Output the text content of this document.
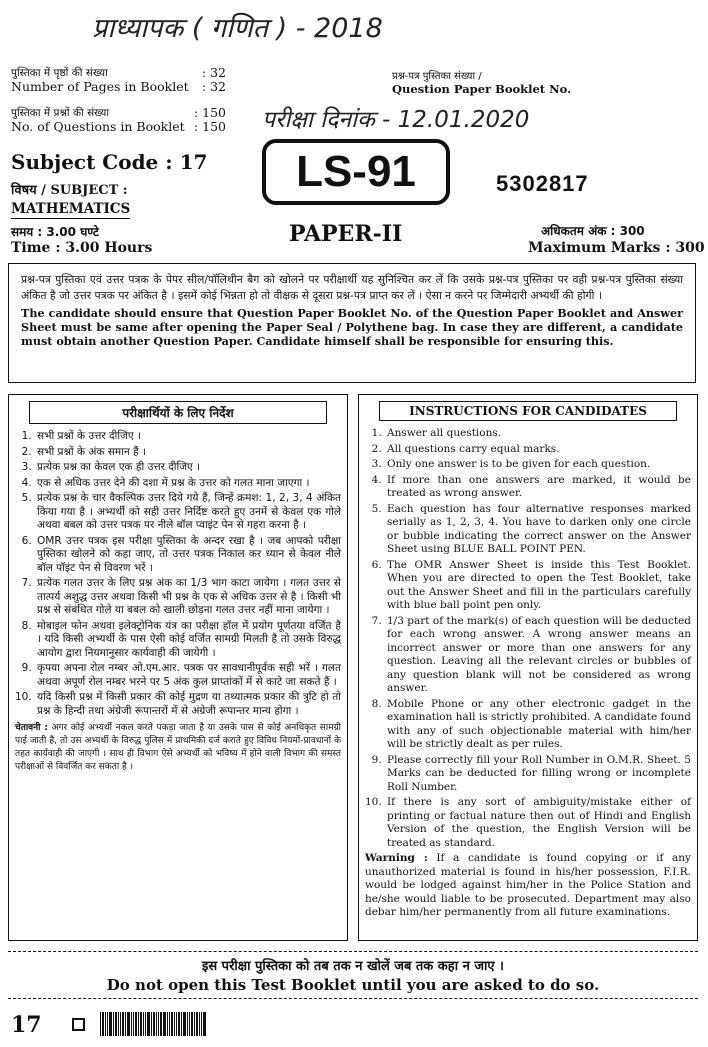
प्राध्यापक ( गणित ) - 2018
पुस्तिका में पृष्ठों की संख्या	: 32
Number of Pages in Booklet : 32
पुस्तिका में प्रश्नों की संख्या	: 150
No. of Questions in Booklet : 150
प्रश्न-पत्र पुस्तिका संख्या /
Question Paper Booklet No.
परीक्षा दिनांक - 12.01.2020
Subject Code : 17
विषय / SUBJECT :
MATHEMATICS
समय : 3.00 घण्टे
Time : 3.00 Hours
LS-91	5302817
PAPER-II	अधिकतम अंक : 300
Maximum Marks : 300
प्रश्न-पत्र पुस्तिका एवं उत्तर पत्रक के पेपर सील/पॉलिथीन बैग को खोलने पर परीक्षार्थी यह सुनिश्चित कर लें कि उसके प्रश्न-पत्र पुस्तिका पर वही प्रश्न-पत्र पुस्तिका संख्या अंकित है जो उत्तर पत्रक पर अंकित है । इसमें कोई भिन्नता हो तो वीक्षक से दूसरा प्रश्न-पत्र प्राप्त कर लें । ऐसा न करने पर जिम्मेदारी अभ्यर्थी की होगी ।
The candidate should ensure that Question Paper Booklet No. of the Question Paper Booklet and Answer Sheet must be same after opening the Paper Seal / Polythene bag. In case they are different, a candidate must obtain another Question Paper. Candidate himself shall be responsible for ensuring this.
परीक्षार्थियों के लिए निर्देश
1. सभी प्रश्नों के उत्तर दीजिए ।
2. सभी प्रश्नों के अंक समान हैं ।
3. प्रत्येक प्रश्न का केवल एक ही उत्तर दीजिए ।
4. एक से अधिक उत्तर देने की दशा में प्रश्न के उत्तर को गलत माना जाएगा ।
5. प्रत्येक प्रश्न के चार वैकल्पिक उत्तर दिये गये हैं, जिन्हें क्रमश: 1, 2, 3, 4 अंकित किया गया है । अभ्यर्थी को सही उत्तर निर्दिष्ट करते हुए उनमें से केवल एक गोले अथवा बबल को उत्तर पत्रक पर नीले बॉल प्वाइंट पेन से गहरा करना है ।
6. OMR उत्तर पत्रक इस परीक्षा पुस्तिका के अन्दर रखा है । जब आपको परीक्षा पुस्तिका खोलने को कहा जाए, तो उत्तर पत्रक निकाल कर ध्यान से केवल नीले बॉल पॉइंट पेन से विवरण भरें ।
7. प्रत्येक गलत उत्तर के लिए प्रश्न अंक का 1/3 भाग काटा जायेगा । गलत उत्तर से तात्पर्य अशुद्ध उत्तर अथवा किसी भी प्रश्न के एक से अधिक उत्तर से है । किसी भी प्रश्न से संबंधित गोले या बबल को खाली छोड़ना गलत उत्तर नहीं माना जायेगा ।
8. मोबाइल फोन अथवा इलेक्ट्रोनिक यंत्र का परीक्षा हॉल में प्रयोग पूर्णतया वर्जित है । यदि किसी अभ्यर्थी के पास ऐसी कोई वर्जित सामग्री मिलती है तो उसके विरुद्ध आयोग द्वारा नियमानुसार कार्यवाही की जायेगी ।
9. कृपया अपना रोल नम्बर ओ.एम.आर. पत्रक पर सावधानीपूर्वक सही भरें । गलत अथवा अपूर्ण रोल नम्बर भरने पर 5 अंक कुल प्राप्तांकों में से काटे जा सकते हैं ।
10. यदि किसी प्रश्न में किसी प्रकार की कोई मुद्रण या तथ्यात्मक प्रकार की त्रुटि हो तो प्रश्न के हिन्दी तथा अंग्रेजी रूपान्तरों में से अंग्रेजी रूपान्तर मान्य होगा ।
चेतावनी : अगर कोई अभ्यर्थी नकल करते पकड़ा जाता है या उसके पास से कोई अनधिकृत सामग्री पाई जाती है, तो उस अभ्यर्थी के विरुद्ध पुलिस में प्राथमिकी दर्ज कराते हुए विविध नियमों-प्रावधानों के तहत कार्यवाही की जाएगी । साथ ही विभाग ऐसे अभ्यर्थी को भविष्य में होने वाली विभाग की समस्त परीक्षाओं से विवर्जित कर सकता है ।
INSTRUCTIONS FOR CANDIDATES
1. Answer all questions.
2. All questions carry equal marks.
3. Only one answer is to be given for each question.
4. If more than one answers are marked, it would be treated as wrong answer.
5. Each question has four alternative responses marked serially as 1, 2, 3, 4. You have to darken only one circle or bubble indicating the correct answer on the Answer Sheet using BLUE BALL POINT PEN.
6. The OMR Answer Sheet is inside this Test Booklet. When you are directed to open the Test Booklet, take out the Answer Sheet and fill in the particulars carefully with blue ball point pen only.
7. 1/3 part of the mark(s) of each question will be deducted for each wrong answer. A wrong answer means an incorrect answer or more than one answers for any question. Leaving all the relevant circles or bubbles of any question blank will not be considered as wrong answer.
8. Mobile Phone or any other electronic gadget in the examination hall is strictly prohibited. A candidate found with any of such objectionable material with him/her will be strictly dealt as per rules.
9. Please correctly fill your Roll Number in O.M.R. Sheet. 5 Marks can be deducted for filling wrong or incomplete Roll Number.
10. If there is any sort of ambiguity/mistake either of printing or factual nature then out of Hindi and English Version of the question, the English Version will be treated as standard.
Warning : If a candidate is found copying or if any unauthorized material is found in his/her possession, F.I.R. would be lodged against him/her in the Police Station and he/she would liable to be prosecuted. Department may also debar him/her permanently from all future examinations.
इस परीक्षा पुस्तिका को तब तक न खोलें जब तक कहा न जाए ।
Do not open this Test Booklet until you are asked to do so.
17
